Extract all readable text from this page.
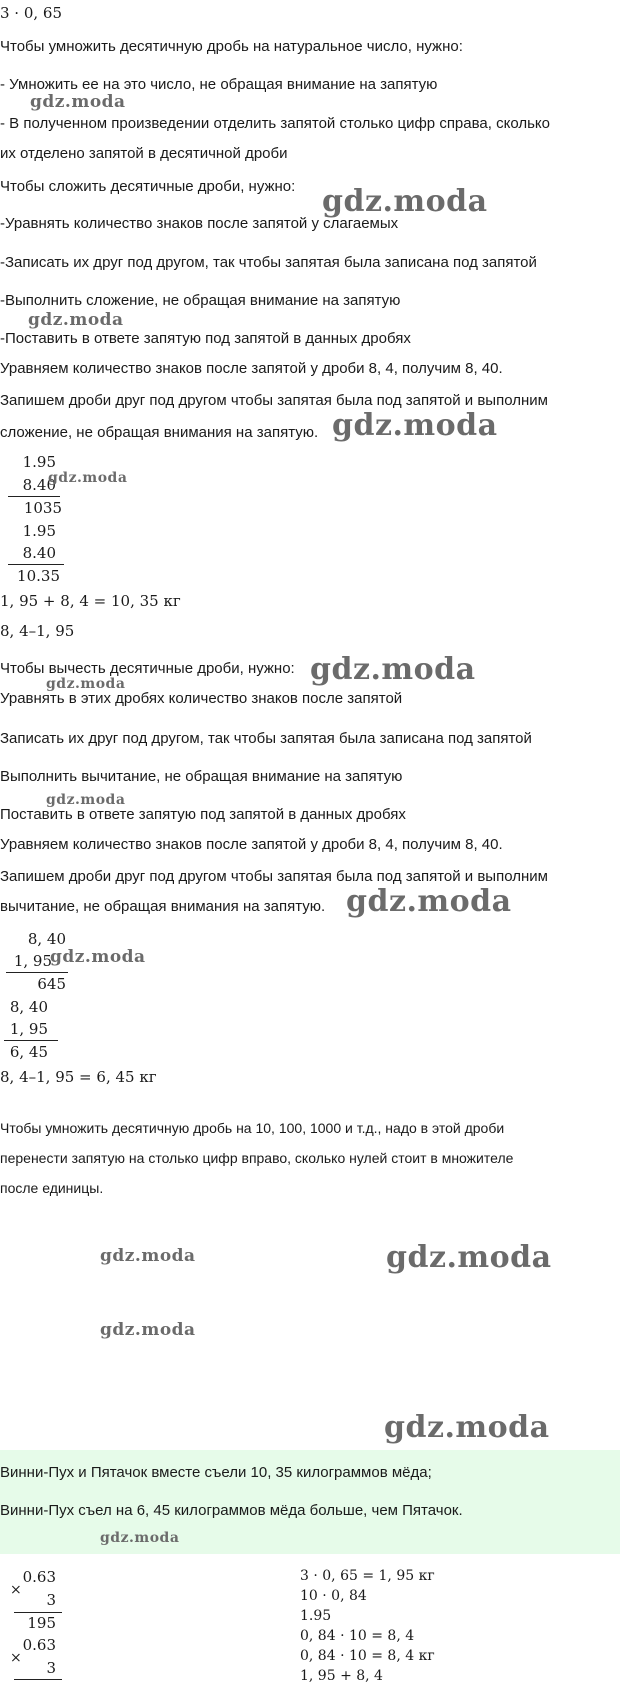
3 · 0, 65
Чтобы умножить десятичную дробь на натуральное число, нужно:
- Умножить ее на это число, не обращая внимание на запятую
- В полученном произведении отделить запятой столько цифр справа, сколько
их отделено запятой в десятичной дроби
Чтобы сложить десятичные дроби, нужно:
-Уравнять количество знаков после запятой у слагаемых
-Записать их друг под другом, так чтобы запятая была записана под запятой
-Выполнить сложение, не обращая внимание на запятую
-Поставить в ответе запятую под запятой в данных дробях
Уравняем количество знаков после запятой у дроби 8, 4, получим 8, 40.
Запишем дроби друг под другом чтобы запятая была под запятой и выполним
сложение, не обращая внимания на запятую.
1.95
8.40
1035
1.95
8.40
10.35
1, 95 + 8, 4 = 10, 35 кг
8, 4–1, 95
Чтобы вычесть десятичные дроби, нужно:
Уравнять в этих дробях количество знаков после запятой
Записать их друг под другом, так чтобы запятая была записана под запятой
Выполнить вычитание, не обращая внимание на запятую
Поставить в ответе запятую под запятой в данных дробях
Уравняем количество знаков после запятой у дроби 8, 4, получим 8, 40.
Запишем дроби друг под другом чтобы запятая была под запятой и выполним
вычитание, не обращая внимания на запятую.
8, 40
1, 95
645
8, 40
1, 95
6, 45
8, 4–1, 95 = 6, 45 кг
Винни-Пух и Пятачок вместе съели 10, 35 килограммов мёда;
Винни-Пух съел на 6, 45 килограммов мёда больше, чем Пятачок.
×
0.63
3
195
×
0.63
3
3 · 0, 65 = 1, 95 кг
10 · 0, 84
1.95
0, 84 · 10 = 8, 4
0, 84 · 10 = 8, 4 кг
1, 95 + 8, 4
Чтобы умножить десятичную дробь на 10, 100, 1000 и т.д., надо в этой дроби
перенести запятую на столько цифр вправо, сколько нулей стоит в множителе
после единицы.
gdz.moda
gdz.moda
gdz.moda
gdz.moda
gdz.moda
gdz.moda
gdz.moda
gdz.moda
gdz.moda
gdz.moda
gdz.moda	gdz.moda
gdz.moda
gdz.moda
gdz.moda
